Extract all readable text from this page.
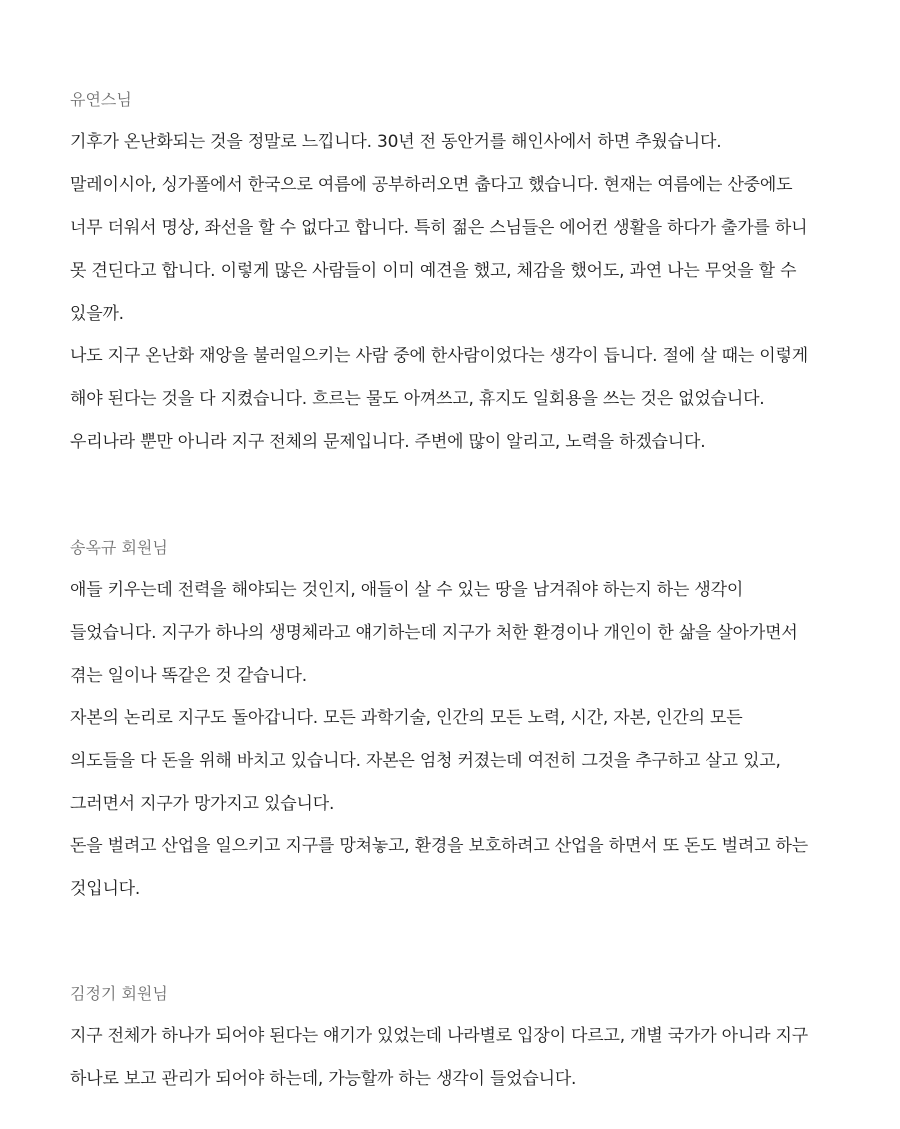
유연스님

기후가 온난화되는 것을 정말로 느낍니다. 30년 전 동안거를 해인사에서 하면 추웠습니다.

말레이시아, 싱가폴에서 한국으로 여름에 공부하러오면 춥다고 했습니다. 현재는 여름에는 산중에도

너무 더워서 명상, 좌선을 할 수 없다고 합니다. 특히 젊은 스님들은 에어컨 생활을 하다가 출가를 하니

못 견딘다고 합니다. 이렇게 많은 사람들이 이미 예견을 했고, 체감을 했어도, 과연 나는 무엇을 할 수

있을까.

나도 지구 온난화 재앙을 불러일으키는 사람 중에 한사람이었다는 생각이 듭니다. 절에 살 때는 이렇게

해야 된다는 것을 다 지켰습니다. 흐르는 물도 아껴쓰고, 휴지도 일회용을 쓰는 것은 없었습니다.

우리나라 뿐만 아니라 지구 전체의 문제입니다. 주변에 많이 알리고, 노력을 하겠습니다.

송옥규 회원님

애들 키우는데 전력을 해야되는 것인지, 애들이 살 수 있는 땅을 남겨줘야 하는지 하는 생각이

들었습니다. 지구가 하나의 생명체라고 얘기하는데 지구가 처한 환경이나 개인이 한 삶을 살아가면서

겪는 일이나 똑같은 것 같습니다.

자본의 논리로 지구도 돌아갑니다. 모든 과학기술, 인간의 모든 노력, 시간, 자본, 인간의 모든

의도들을 다 돈을 위해 바치고 있습니다. 자본은 엄청 커졌는데 여전히 그것을 추구하고 살고 있고,

그러면서 지구가 망가지고 있습니다.

돈을 벌려고 산업을 일으키고 지구를 망쳐놓고, 환경을 보호하려고 산업을 하면서 또 돈도 벌려고 하는

것입니다.

김정기 회원님

지구 전체가 하나가 되어야 된다는 얘기가 있었는데 나라별로 입장이 다르고, 개별 국가가 아니라 지구

하나로 보고 관리가 되어야 하는데, 가능할까 하는 생각이 들었습니다.
